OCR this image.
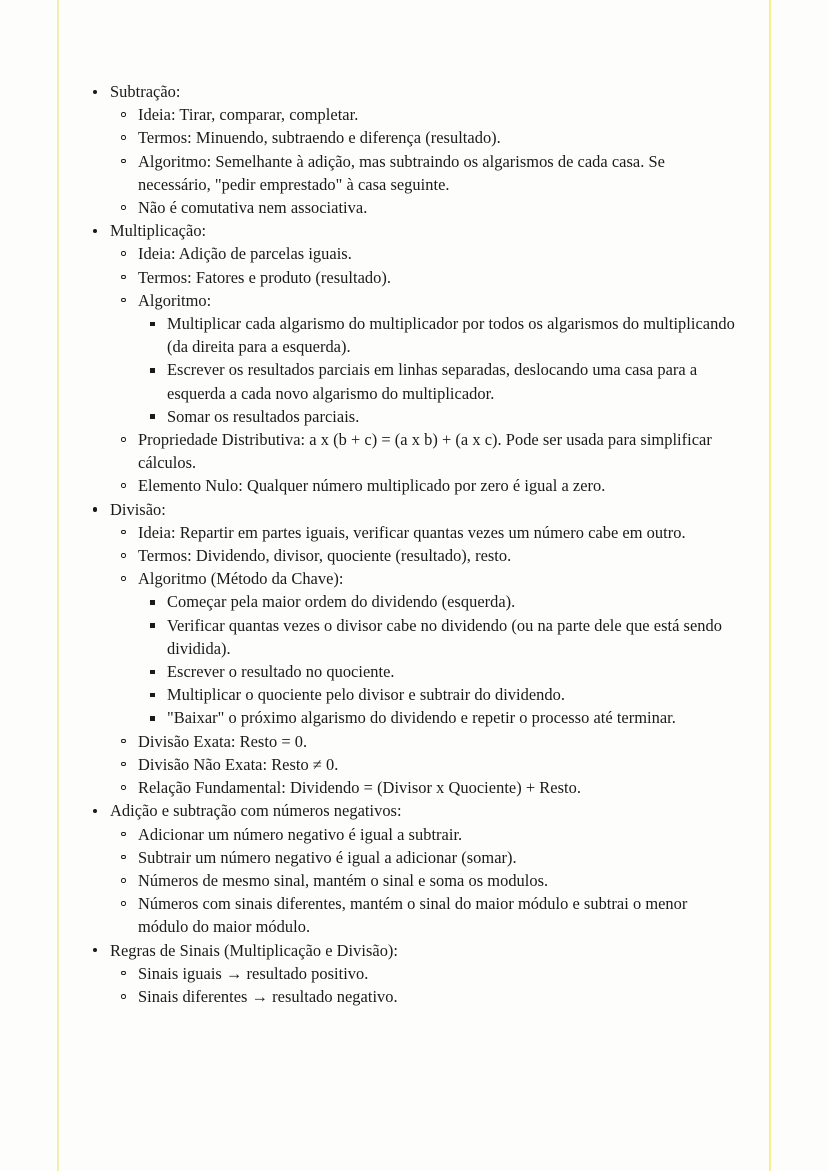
Subtração:
Ideia: Tirar, comparar, completar.
Termos: Minuendo, subtraendo e diferença (resultado).
Algoritmo: Semelhante à adição, mas subtraindo os algarismos de cada casa. Se necessário, "pedir emprestado" à casa seguinte.
Não é comutativa nem associativa.
Multiplicação:
Ideia: Adição de parcelas iguais.
Termos: Fatores e produto (resultado).
Algoritmo:
Multiplicar cada algarismo do multiplicador por todos os algarismos do multiplicando (da direita para a esquerda).
Escrever os resultados parciais em linhas separadas, deslocando uma casa para a esquerda a cada novo algarismo do multiplicador.
Somar os resultados parciais.
Propriedade Distributiva: a x (b + c) = (a x b) + (a x c). Pode ser usada para simplificar cálculos.
Elemento Nulo: Qualquer número multiplicado por zero é igual a zero.
Divisão:
Ideia: Repartir em partes iguais, verificar quantas vezes um número cabe em outro.
Termos: Dividendo, divisor, quociente (resultado), resto.
Algoritmo (Método da Chave):
Começar pela maior ordem do dividendo (esquerda).
Verificar quantas vezes o divisor cabe no dividendo (ou na parte dele que está sendo dividida).
Escrever o resultado no quociente.
Multiplicar o quociente pelo divisor e subtrair do dividendo.
"Baixar" o próximo algarismo do dividendo e repetir o processo até terminar.
Divisão Exata: Resto = 0.
Divisão Não Exata: Resto ≠ 0.
Relação Fundamental: Dividendo = (Divisor x Quociente) + Resto.
Adição e subtração com números negativos:
Adicionar um número negativo é igual a subtrair.
Subtrair um número negativo é igual a adicionar (somar).
Números de mesmo sinal, mantém o sinal e soma os modulos.
Números com sinais diferentes, mantém o sinal do maior módulo e subtrai o menor módulo do maior módulo.
Regras de Sinais (Multiplicação e Divisão):
Sinais iguais → resultado positivo.
Sinais diferentes → resultado negativo.
